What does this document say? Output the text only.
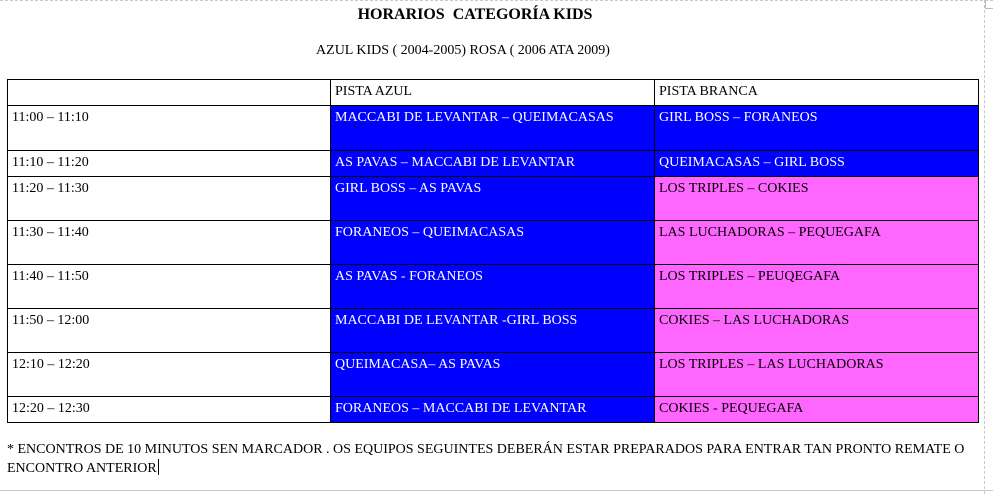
HORARIOS  CATEGORÍA KIDS
AZUL KIDS ( 2004-2005) ROSA ( 2006 ATA 2009)
	PISTA AZUL	PISTA BRANCA
11:00 – 11:10	MACCABI DE LEVANTAR – QUEIMACASAS	GIRL BOSS – FORANEOS
11:10 – 11:20	AS PAVAS – MACCABI DE LEVANTAR	QUEIMACASAS – GIRL BOSS
11:20 – 11:30	GIRL BOSS – AS PAVAS	LOS TRIPLES – COKIES
11:30 – 11:40	FORANEOS – QUEIMACASAS	LAS LUCHADORAS – PEQUEGAFA
11:40 – 11:50	AS PAVAS - FORANEOS	LOS TRIPLES – PEUQEGAFA
11:50 – 12:00	MACCABI DE LEVANTAR -GIRL BOSS	COKIES – LAS LUCHADORAS
12:10 – 12:20	QUEIMACASA– AS PAVAS	LOS TRIPLES – LAS LUCHADORAS
12:20 – 12:30	FORANEOS – MACCABI DE LEVANTAR	COKIES - PEQUEGAFA
* ENCONTROS DE 10 MINUTOS SEN MARCADOR . OS EQUIPOS SEGUINTES DEBERÁN ESTAR PREPARADOS PARA ENTRAR TAN PRONTO REMATE O ENCONTRO ANTERIOR
